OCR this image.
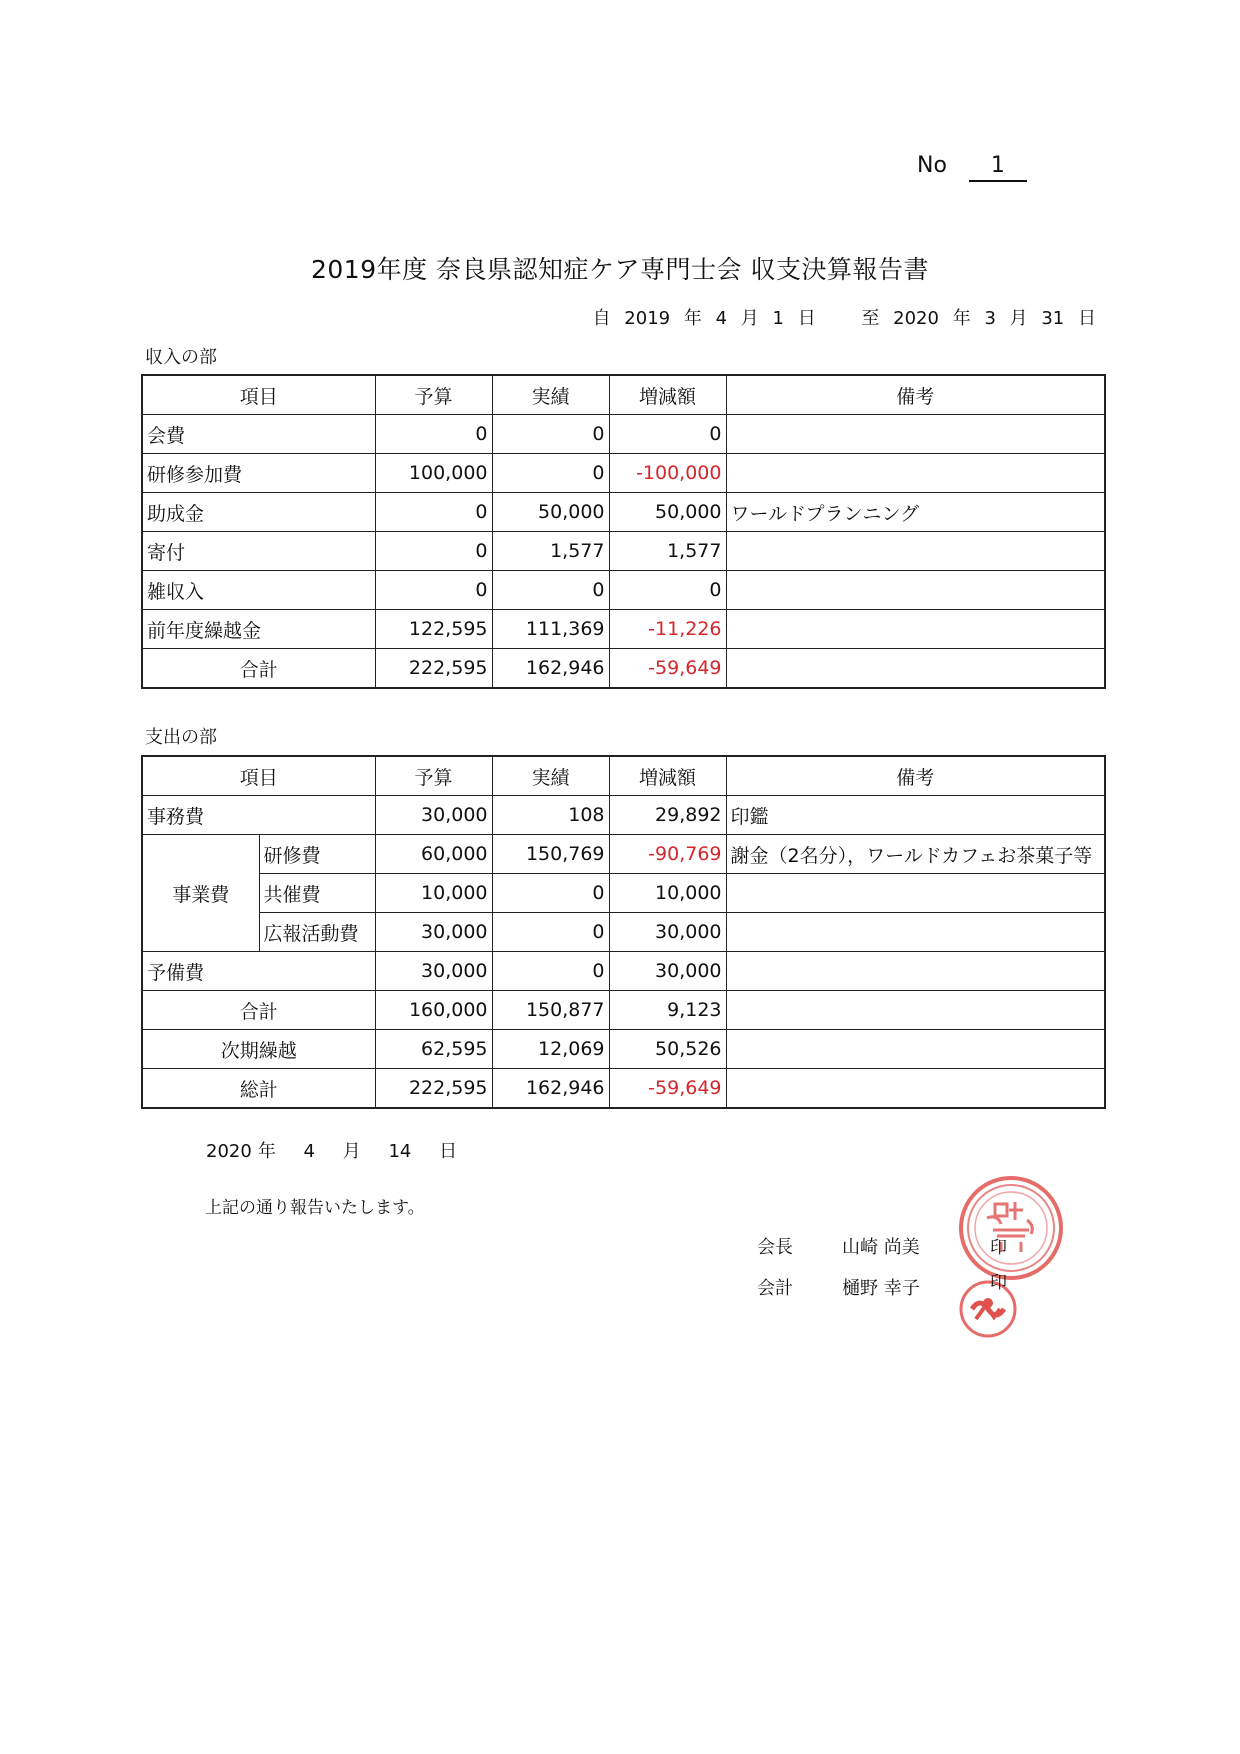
No 1
2019年度 奈良県認知症ケア専門士会 収支決算報告書
自 2019 年 4 月 1 日	至 2020 年 3 月 31 日
収入の部
項目	予算	実績	増減額	備考
会費	0	0	0	
研修参加費	100,000	0	-100,000	
助成金	0	50,000	50,000	ワールドプランニング
寄付	0	1,577	1,577	
雑収入	0	0	0	
前年度繰越金	122,595	111,369	-11,226	
合計	222,595	162,946	-59,649	
支出の部
項目		予算	実績	増減額	備考
事務費		30,000	108	29,892	印鑑
事業費	研修費	60,000	150,769	-90,769	謝金（2名分），ワールドカフェお茶菓子等
	共催費	10,000	0	10,000	
	広報活動費	30,000	0	30,000	
予備費		30,000	0	30,000	
合計		160,000	150,877	9,123	
次期繰越		62,595	12,069	50,526	
総計		222,595	162,946	-59,649	
2020 年 4 月 14 日
上記の通り報告いたします。
会長	山崎 尚美
会計	樋野 幸子
印
印
